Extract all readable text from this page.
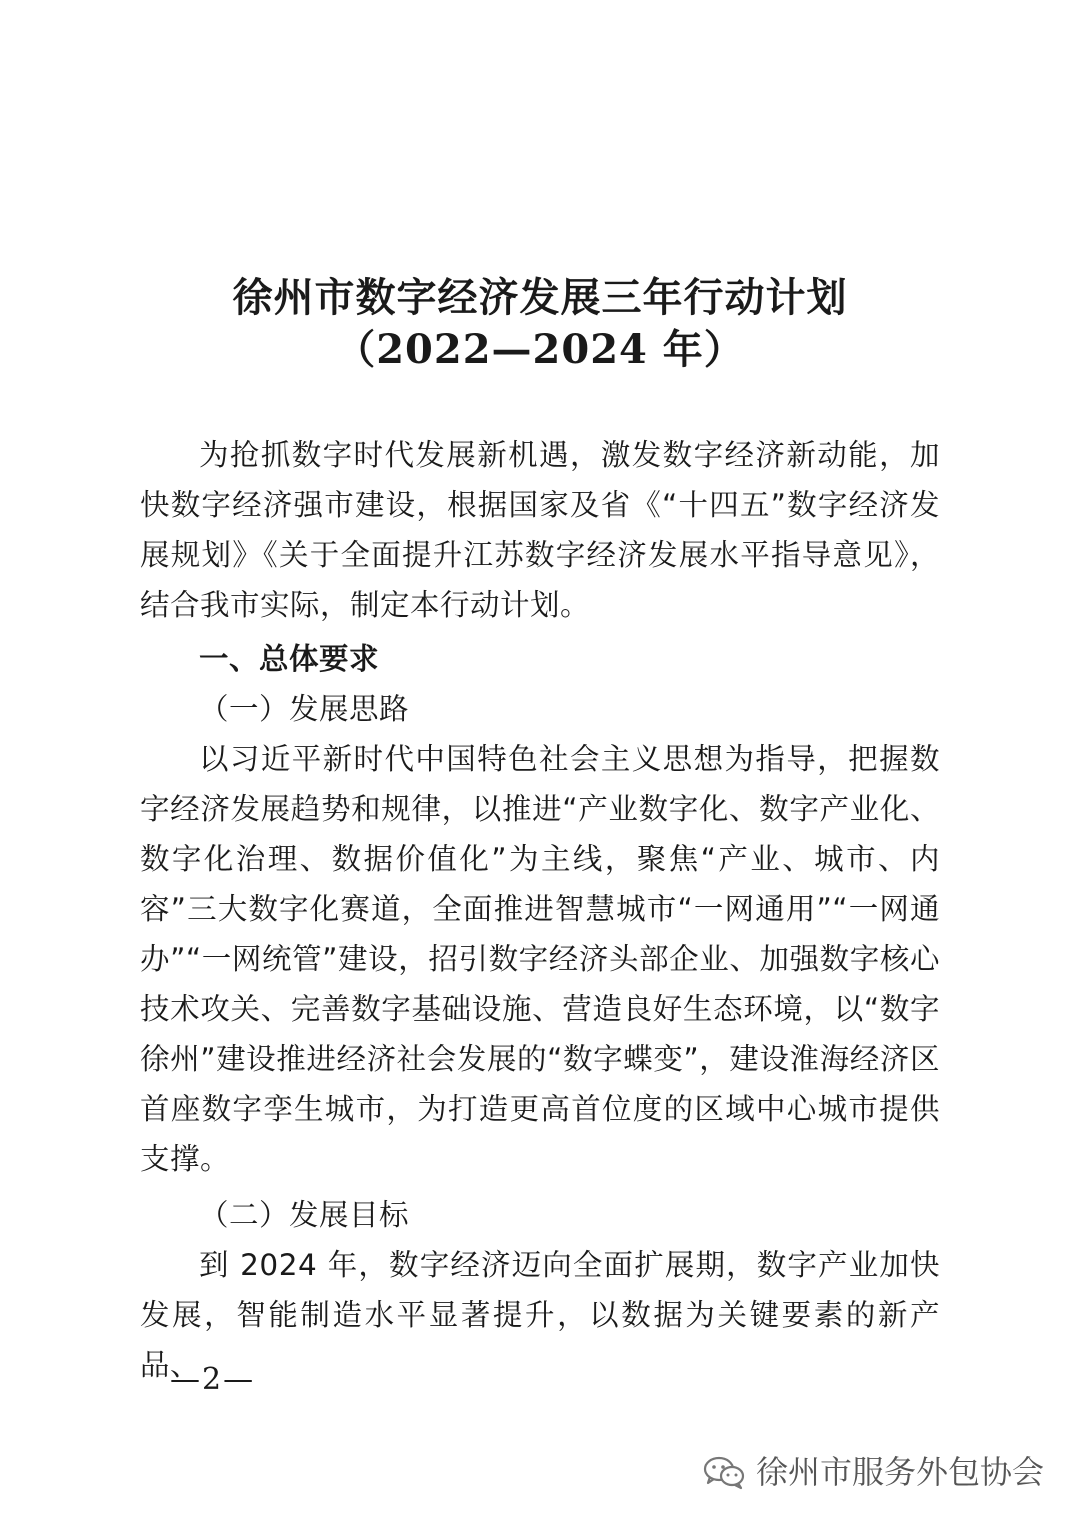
徐州市数字经济发展三年行动计划
（2022—2024 年）

为抢抓数字时代发展新机遇，激发数字经济新动能，加快数字经济强市建设，根据国家及省《“十四五”数字经济发展规划》《关于全面提升江苏数字经济发展水平指导意见》，结合我市实际，制定本行动计划。

一、总体要求

（一）发展思路

以习近平新时代中国特色社会主义思想为指导，把握数字经济发展趋势和规律，以推进“产业数字化、数字产业化、数字化治理、数据价值化”为主线，聚焦“产业、城市、内容”三大数字化赛道，全面推进智慧城市“一网通用”“一网通办”“一网统管”建设，招引数字经济头部企业、加强数字核心技术攻关、完善数字基础设施、营造良好生态环境，以“数字徐州”建设推进经济社会发展的“数字蝶变”，建设淮海经济区首座数字孪生城市，为打造更高首位度的区域中心城市提供支撑。

（二）发展目标

到 2024 年，数字经济迈向全面扩展期，数字产业加快发展，智能制造水平显著提升，以数据为关键要素的新产品、

—2—
徐州市服务外包协会
